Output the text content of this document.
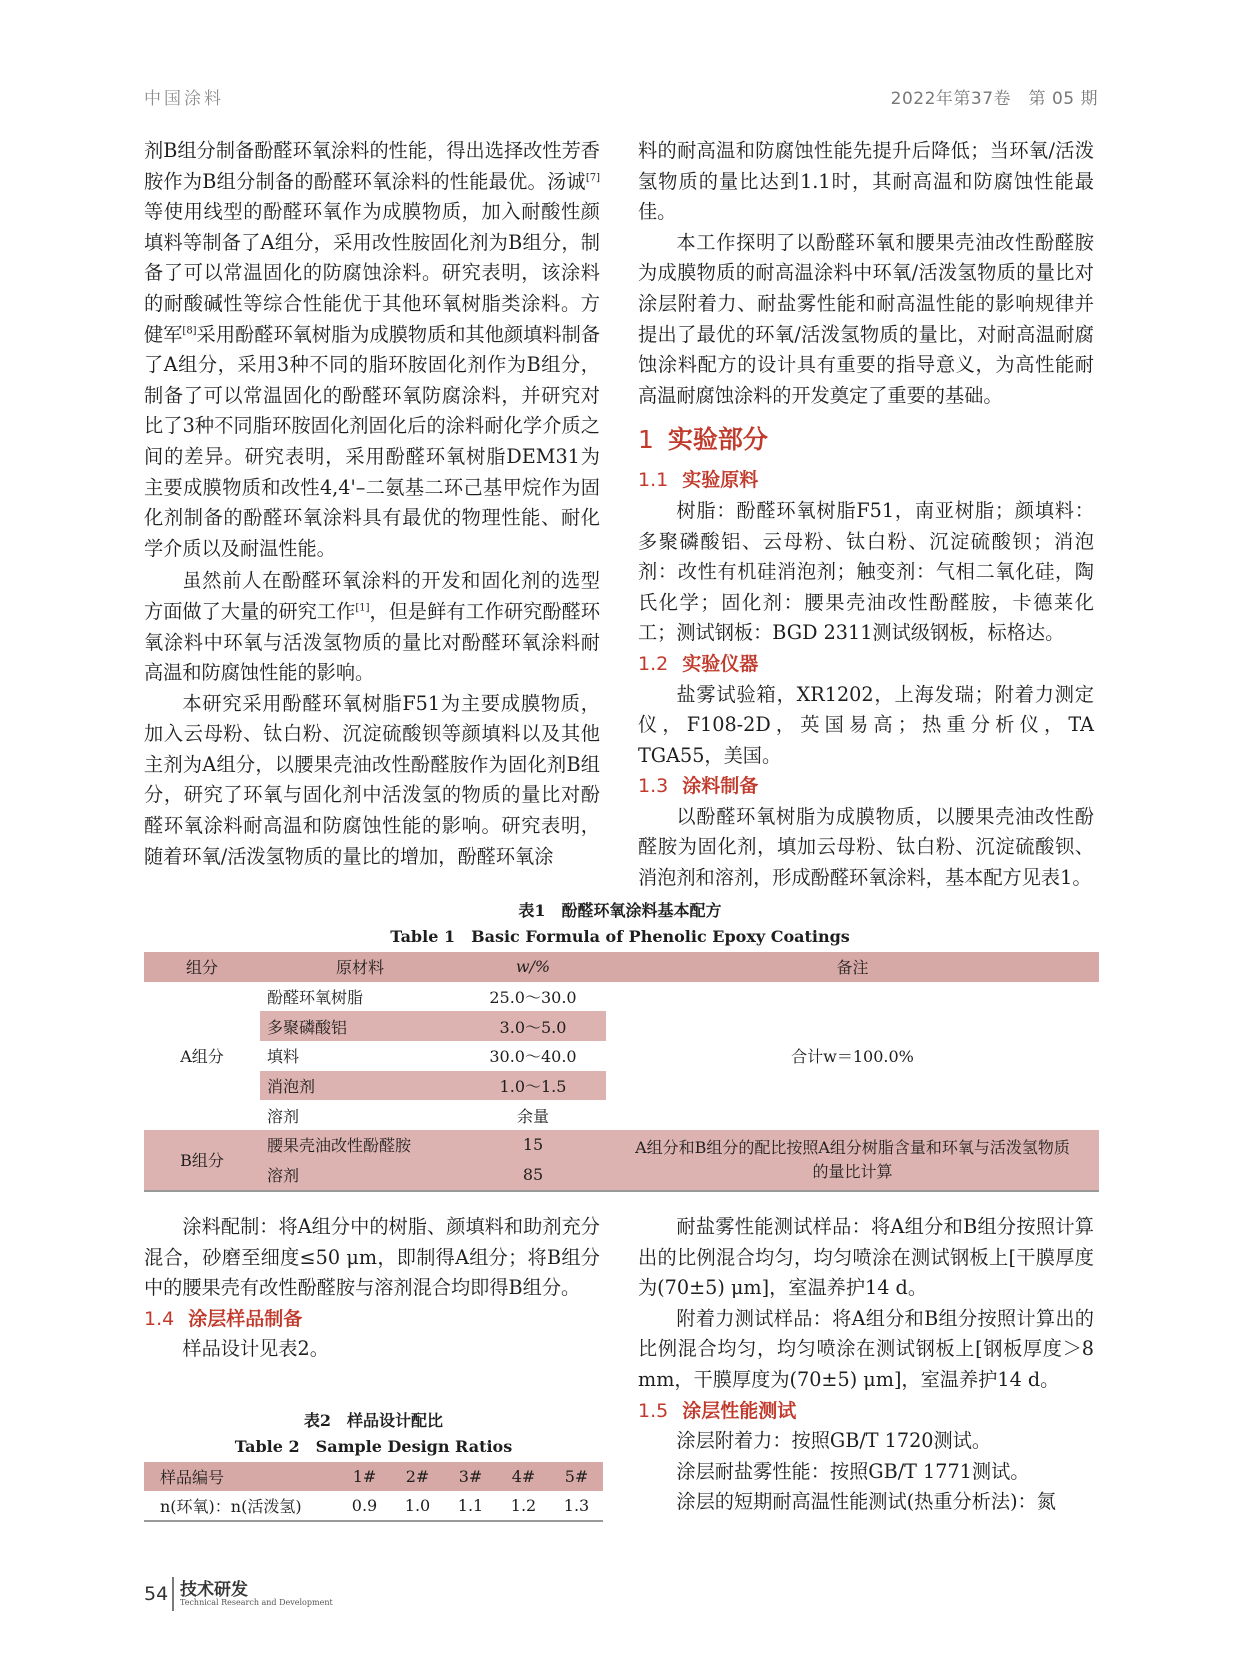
中国涂料	2022年第37卷　第 05 期

剂B组分制备酚醛环氧涂料的性能，得出选择改性芳香胺作为B组分制备的酚醛环氧涂料的性能最优。汤诚[7]等使用线型的酚醛环氧作为成膜物质，加入耐酸性颜填料等制备了A组分，采用改性胺固化剂为B组分，制备了可以常温固化的防腐蚀涂料。研究表明，该涂料的耐酸碱性等综合性能优于其他环氧树脂类涂料。方健军[8]采用酚醛环氧树脂为成膜物质和其他颜填料制备了A组分，采用3种不同的脂环胺固化剂作为B组分，制备了可以常温固化的酚醛环氧防腐涂料，并研究对比了3种不同脂环胺固化剂固化后的涂料耐化学介质之间的差异。研究表明，采用酚醛环氧树脂DEM31为主要成膜物质和改性4,4'–二氨基二环己基甲烷作为固化剂制备的酚醛环氧涂料具有最优的物理性能、耐化学介质以及耐温性能。

虽然前人在酚醛环氧涂料的开发和固化剂的选型方面做了大量的研究工作[1]，但是鲜有工作研究酚醛环氧涂料中环氧与活泼氢物质的量比对酚醛环氧涂料耐高温和防腐蚀性能的影响。

本研究采用酚醛环氧树脂F51为主要成膜物质，加入云母粉、钛白粉、沉淀硫酸钡等颜填料以及其他主剂为A组分，以腰果壳油改性酚醛胺作为固化剂B组分，研究了环氧与固化剂中活泼氢的物质的量比对酚醛环氧涂料耐高温和防腐蚀性能的影响。研究表明，随着环氧/活泼氢物质的量比的增加，酚醛环氧涂

料的耐高温和防腐蚀性能先提升后降低；当环氧/活泼氢物质的量比达到1.1时，其耐高温和防腐蚀性能最佳。

本工作探明了以酚醛环氧和腰果壳油改性酚醛胺为成膜物质的耐高温涂料中环氧/活泼氢物质的量比对涂层附着力、耐盐雾性能和耐高温性能的影响规律并提出了最优的环氧/活泼氢物质的量比，对耐高温耐腐蚀涂料配方的设计具有重要的指导意义，为高性能耐高温耐腐蚀涂料的开发奠定了重要的基础。

1 实验部分
1.1 实验原料

树脂：酚醛环氧树脂F51，南亚树脂；颜填料：多聚磷酸铝、云母粉、钛白粉、沉淀硫酸钡；消泡剂：改性有机硅消泡剂；触变剂：气相二氧化硅，陶氏化学；固化剂：腰果壳油改性酚醛胺，卡德莱化工；测试钢板：BGD 2311测试级钢板，标格达。

1.2 实验仪器

盐雾试验箱，XR1202，上海发瑞；附着力测定仪，F108-2D，英国易高；热重分析仪，TA TGA55，美国。

1.3 涂料制备

以酚醛环氧树脂为成膜物质，以腰果壳油改性酚醛胺为固化剂，填加云母粉、钛白粉、沉淀硫酸钡、消泡剂和溶剂，形成酚醛环氧涂料，基本配方见表1。

表1　酚醛环氧涂料基本配方
Table 1　Basic Formula of Phenolic Epoxy Coatings
组分	原材料	w/%	备注
A组分	酚醛环氧树脂	25.0～30.0	合计w＝100.0%
	多聚磷酸铝	3.0～5.0	
	填料	30.0～40.0	
	消泡剂	1.0～1.5	
	溶剂	余量	
B组分	腰果壳油改性酚醛胺	15	A组分和B组分的配比按照A组分树脂含量和环氧与活泼氢物质的量比计算
	溶剂	85	

涂料配制：将A组分中的树脂、颜填料和助剂充分混合，砂磨至细度≤50 μm，即制得A组分；将B组分中的腰果壳有改性酚醛胺与溶剂混合均即得B组分。

1.4 涂层样品制备

样品设计见表2。

表2　样品设计配比
Table 2　Sample Design Ratios
样品编号	1#	2#	3#	4#	5#
n(环氧)：n(活泼氢)	0.9	1.0	1.1	1.2	1.3

耐盐雾性能测试样品：将A组分和B组分按照计算出的比例混合均匀，均匀喷涂在测试钢板上[干膜厚度为(70±5) μm]，室温养护14 d。

附着力测试样品：将A组分和B组分按照计算出的比例混合均匀，均匀喷涂在测试钢板上[钢板厚度＞8 mm，干膜厚度为(70±5) μm]，室温养护14 d。

1.5 涂层性能测试

涂层附着力：按照GB/T 1720测试。

涂层耐盐雾性能：按照GB/T 1771测试。

涂层的短期耐高温性能测试(热重分析法)：氮

54 技术研发
Technical Research and Development
